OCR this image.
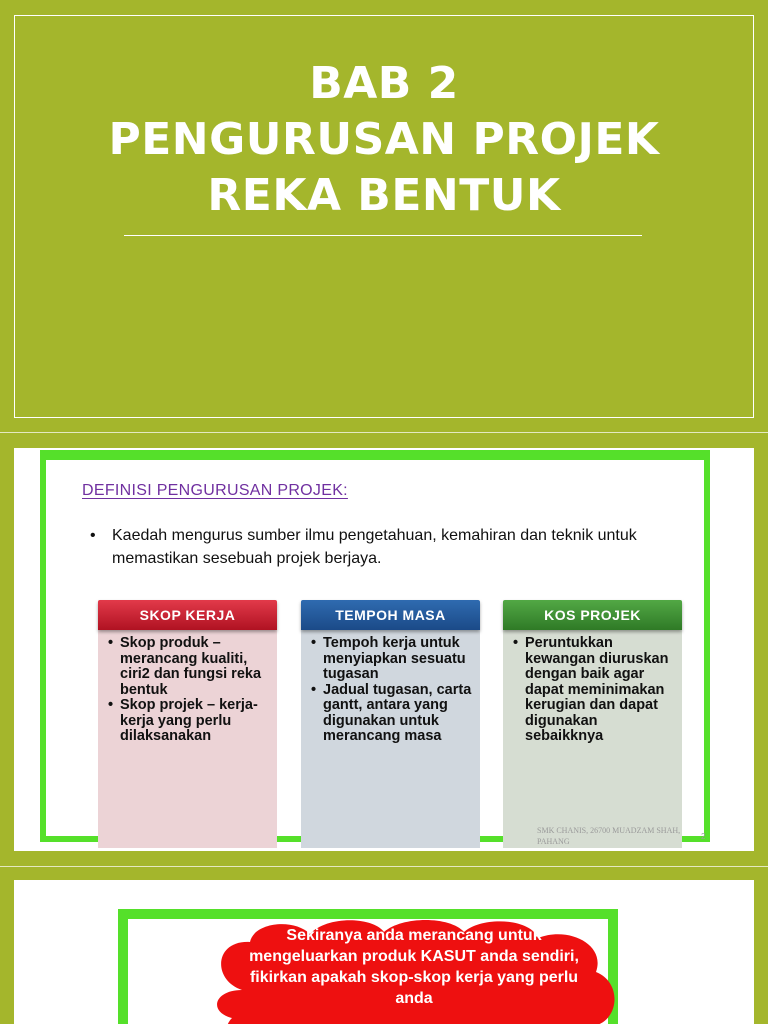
BAB 2
PENGURUSAN PROJEK
REKA BENTUK
DEFINISI PENGURUSAN PROJEK:
• Kaedah mengurus sumber ilmu pengetahuan, kemahiran dan teknik untuk memastikan sesebuah projek berjaya.
SKOP KERJA
• Skop produk – merancang kualiti, ciri2 dan fungsi reka bentuk
• Skop projek – kerja-kerja yang perlu dilaksanakan
TEMPOH MASA
• Tempoh kerja untuk menyiapkan sesuatu tugasan
• Jadual tugasan, carta gantt, antara yang digunakan untuk merancang masa
KOS PROJEK
• Peruntukkan kewangan diuruskan dengan baik agar dapat meminimakan kerugian dan dapat digunakan sebaikknya
SMK CHANIS, 26700 MUADZAM SHAH, PAHANG
2
Sekiranya anda merancang untuk mengeluarkan produk KASUT anda sendiri, fikirkan apakah skop-skop kerja yang perlu anda
